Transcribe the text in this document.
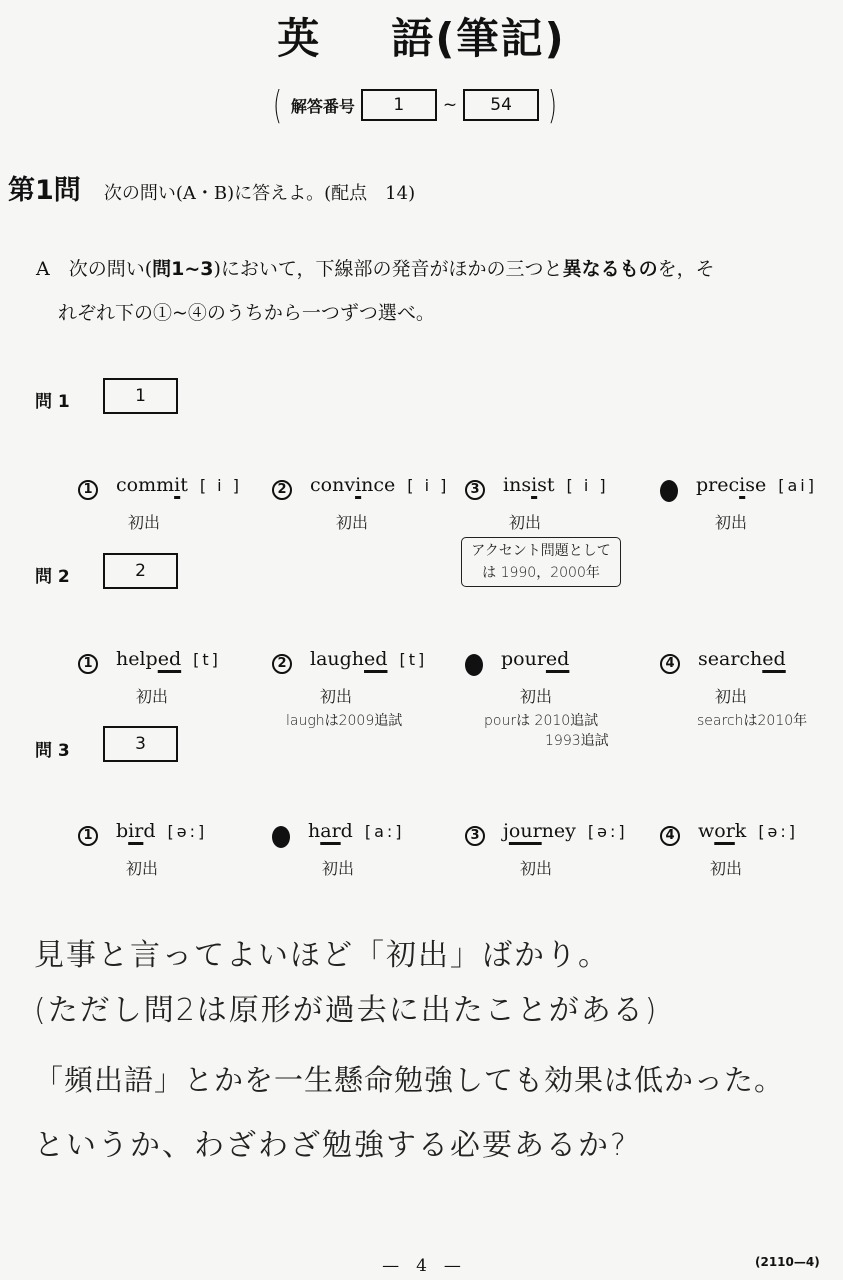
英 語(筆記)
( 解答番号	1	~	54 )
第1問 次の問い(A・B)に答えよ。(配点　14)
A　次の問い(問1~3)において，下線部の発音がほかの三つと異なるものを，そ
れぞれ下の①~④のうちから一つずつ選べ。
問 1	1
1 comm i t [ i ]	2 conv i nce [ i ]	3 ins i st [ i ]	4 prec i se [ai]
初出	初出	初出	初出
アクセント問題としては 1990，2000年
問 2	2
1 help ed [t]	2 laugh ed [t]	3 pour ed	4 search ed
初出	初出	初出	初出
laughは2009追試	pourは 2010追試
1993追試
searchは2010年
問 3	3
1 b ir d [ə:]	2 h ar d [a:]	3 j our ney [ə:]	4 w or k [ə:]
初出	初出	初出	初出
見事と言ってよいほど「初出」ばかり。
(ただし問2は原形が過去に出たことがある)
「頻出語」とかを一生懸命勉強しても効果は低かった。
というか、わざわざ勉強する必要あるか?
—　4　—	(2110—4)
